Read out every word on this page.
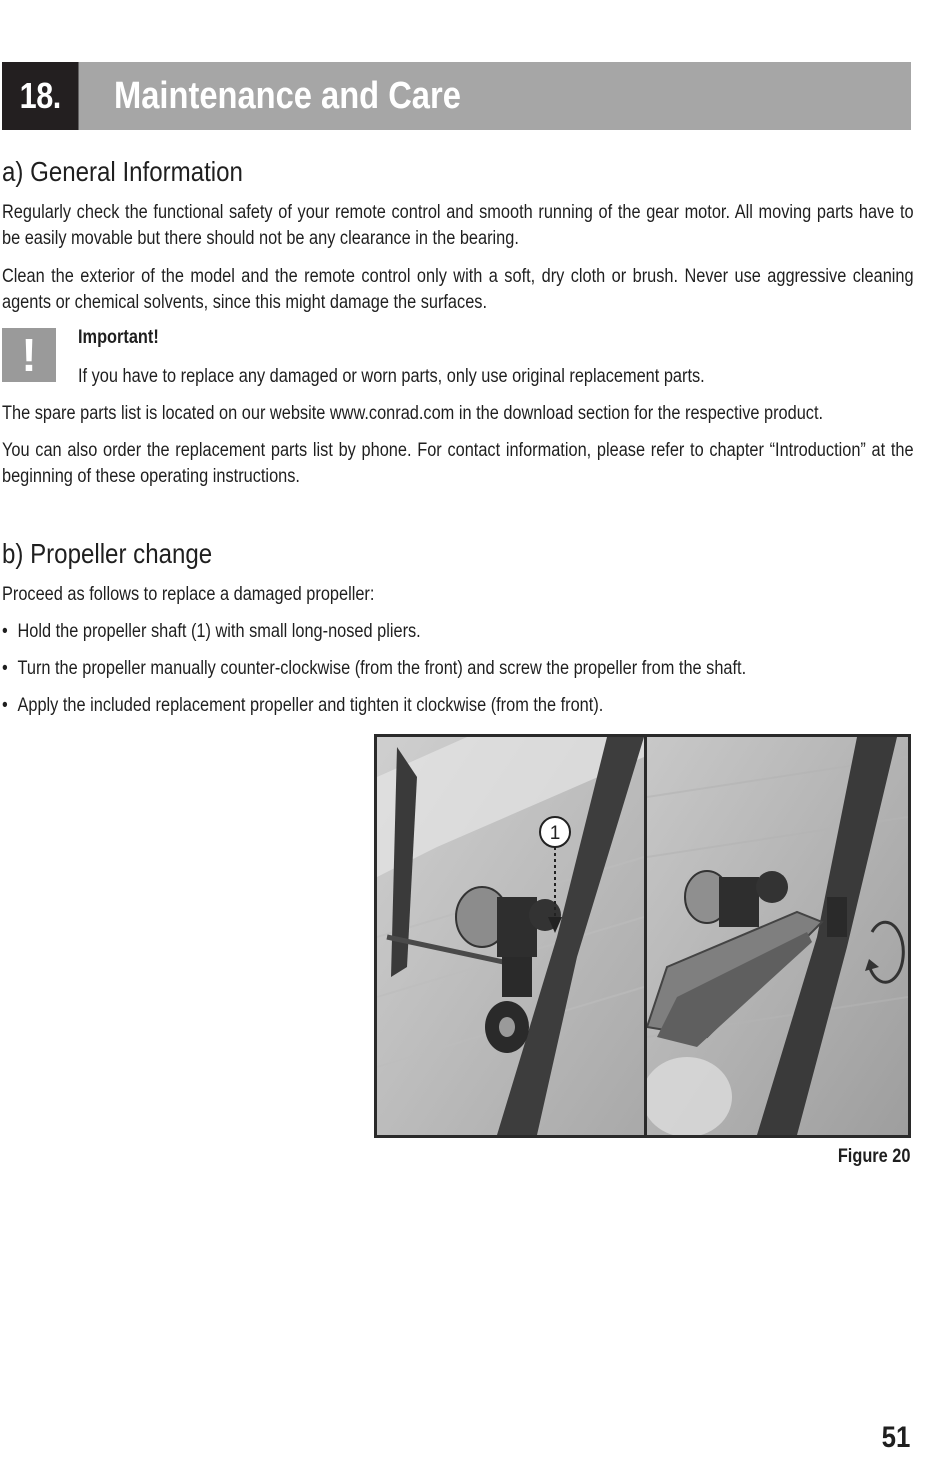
18.	Maintenance and Care
a) General Information
Regularly check the functional safety of your remote control and smooth running of the gear motor. All moving parts have to be easily movable but there should not be any clearance in the bearing.
Clean the exterior of the model and the remote control only with a soft, dry cloth or brush. Never use aggressive cleaning agents or chemical solvents, since this might damage the surfaces.
! Important!
If you have to replace any damaged or worn parts, only use original replacement parts.
The spare parts list is located on our website www.conrad.com in the download section for the respective product.
You can also order the replacement parts list by phone. For contact information, please refer to chapter “Introduction” at the beginning of these operating instructions.
b) Propeller change
Proceed as follows to replace a damaged propeller:
• Hold the propeller shaft (1) with small long-nosed pliers.
• Turn the propeller manually counter-clockwise (from the front) and screw the propeller from the shaft.
• Apply the included replacement propeller and tighten it clockwise (from the front).
1
Figure 20
51
